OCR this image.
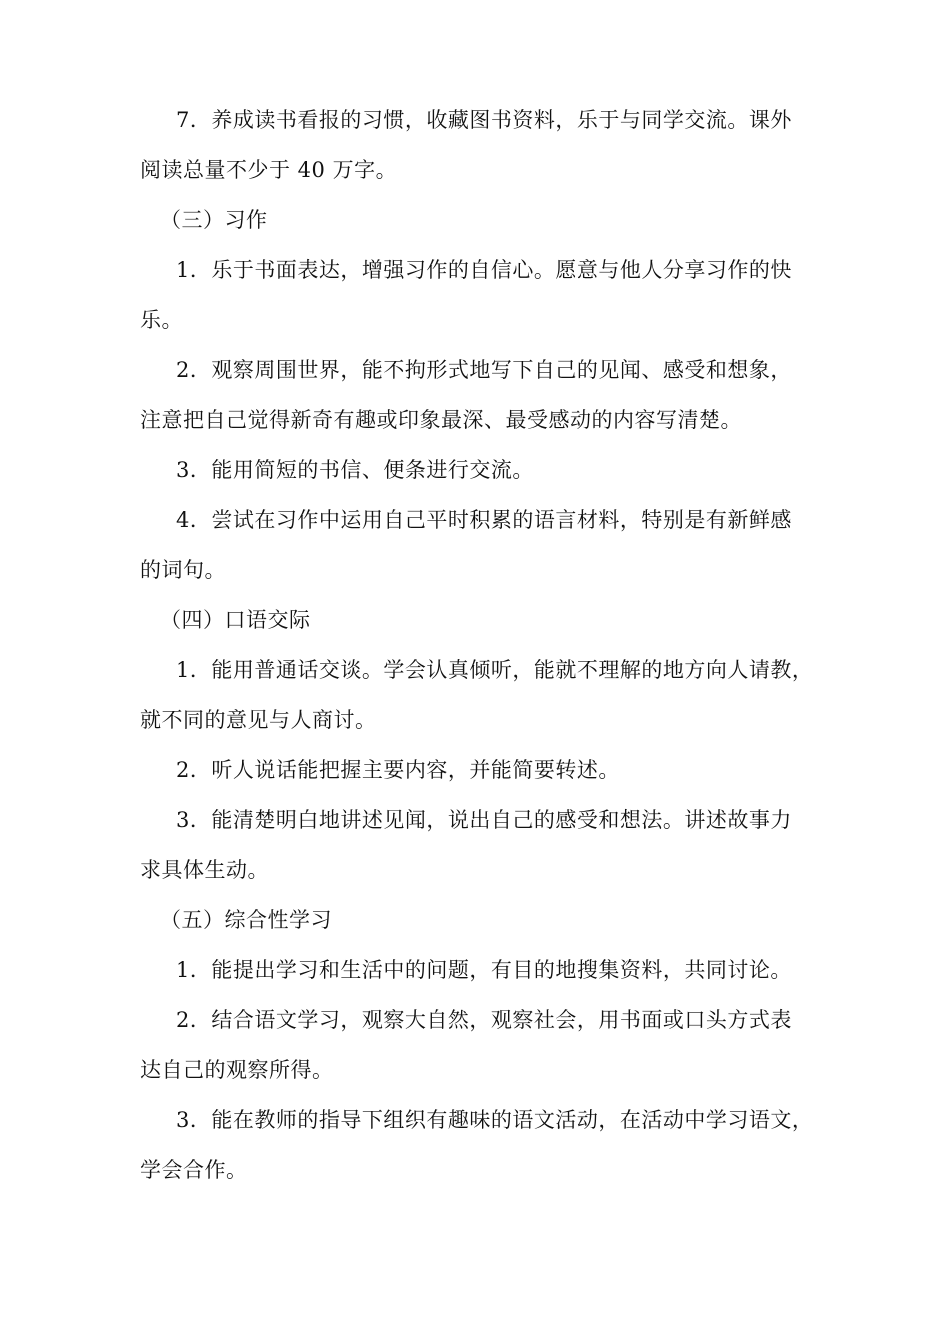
7．养成读书看报的习惯，收藏图书资料，乐于与同学交流。课外
阅读总量不少于 40 万字。
（三）习作
1．乐于书面表达，增强习作的自信心。愿意与他人分享习作的快
乐。
2．观察周围世界，能不拘形式地写下自己的见闻、感受和想象，
注意把自己觉得新奇有趣或印象最深、最受感动的内容写清楚。
3．能用简短的书信、便条进行交流。
4．尝试在习作中运用自己平时积累的语言材料，特别是有新鲜感
的词句。
（四）口语交际
1．能用普通话交谈。学会认真倾听，能就不理解的地方向人请教，
就不同的意见与人商讨。
2．听人说话能把握主要内容，并能简要转述。
3．能清楚明白地讲述见闻，说出自己的感受和想法。讲述故事力
求具体生动。
（五）综合性学习
1．能提出学习和生活中的问题，有目的地搜集资料，共同讨论。
2．结合语文学习，观察大自然，观察社会，用书面或口头方式表
达自己的观察所得。
3．能在教师的指导下组织有趣味的语文活动，在活动中学习语文，
学会合作。
